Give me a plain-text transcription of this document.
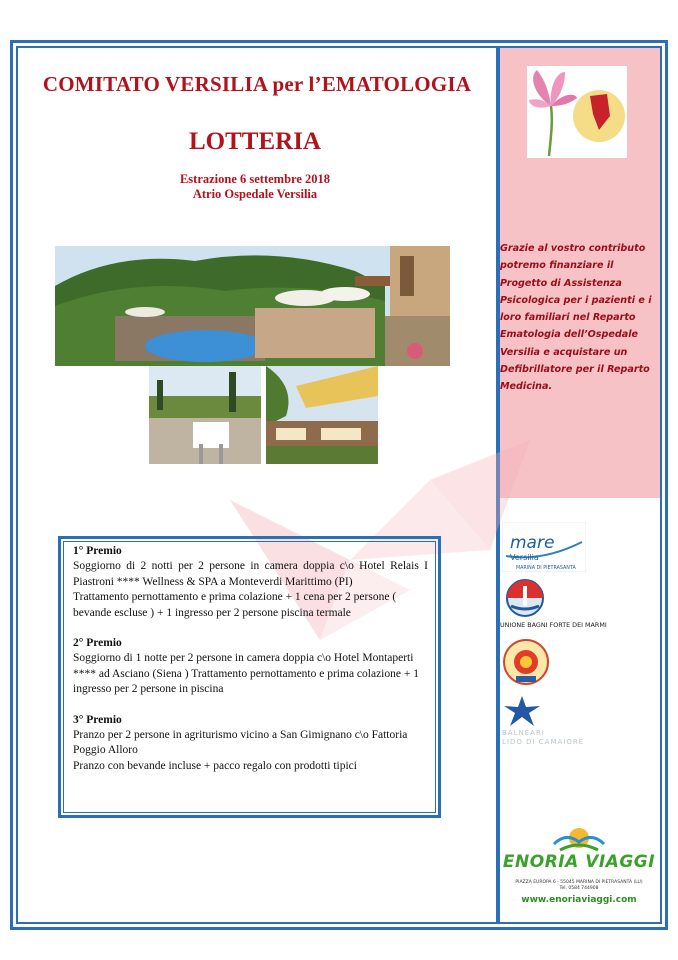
COMITATO VERSILIA per l’EMATOLOGIA
LOTTERIA
Estrazione 6 settembre 2018
Atrio Ospedale Versilia
Grazie al vostro contributo potremo finanziare il Progetto di Assistenza Psicologica per i pazienti e i loro familiari nel Reparto Ematologia dell’Ospedale Versilia e acquistare un Defibrillatore per il Reparto Medicina.
1° Premio
Soggiorno di 2 notti per 2 persone in camera doppia c\o Hotel Relais I Piastroni **** Wellness & SPA a Monteverdi Marittimo (PI)
Trattamento pernottamento e prima colazione + 1 cena per 2 persone ( bevande escluse ) + 1 ingresso per 2 persone piscina termale
2° Premio
Soggiorno di 1 notte per 2 persone in camera doppia c\o Hotel Montaperti **** ad Asciano (Siena ) Trattamento pernottamento e prima colazione + 1 ingresso per 2 persone in piscina
3° Premio
Pranzo per 2 persone in agriturismo vicino a San Gimignano c\o Fattoria Poggio Alloro
Pranzo con bevande incluse + pacco regalo con prodotti tipici
mare
Versilia
MARINA DI PIETRASANTA
UNIONE BAGNI FORTE DEI MARMI
BALNEARI
LIDO DI CAMAIORE
ENORIA VIAGGI
PIAZZA EUROPA 6 - 55045 MARINA DI PIETRASANTA (LU)
Tel. 0584 744908
www.enoriaviaggi.com
